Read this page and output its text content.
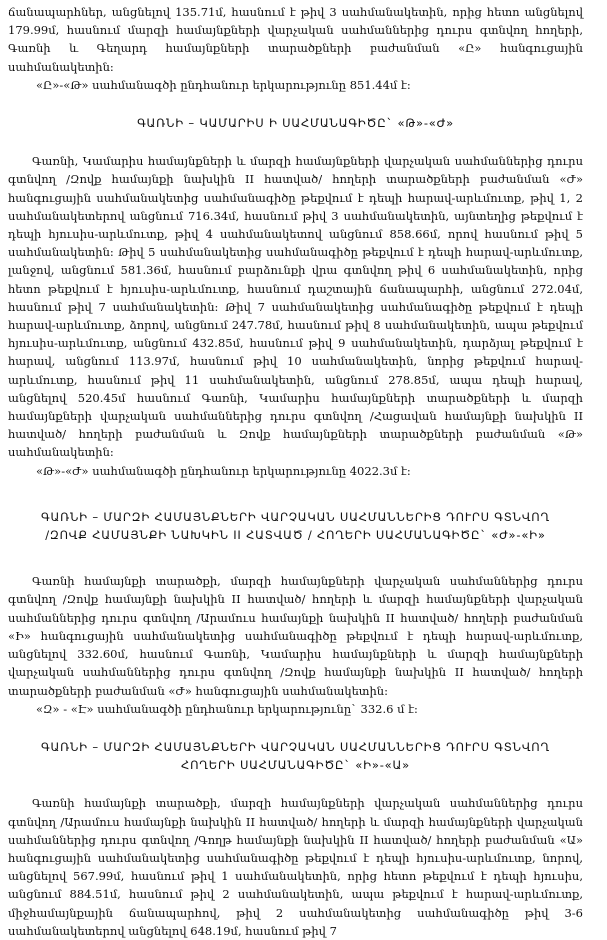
ճանապարհներ, անցնելով 135.71մ, հասնում է թիվ 3 սահմանակետին, որից հետո անցնելով 179.99մ, հասնում մարզի համայնքների վարչական սահմաններից դուրս գտնվող հողերի, Գառնի և Գեղարդ համայնքների տարածքների բաժանման «Ը» հանգուցային սահմանակետին:

«Ը»-«Թ» սահմանագծի ընդհանուր երկարությունը 851.44մ է:

ԳԱՌՆԻ – ԿԱՄԱՐԻՍ Ի ՍԱՀՄԱՆԱԳԻԾԸ` «Թ»-«Ժ»

Գառնի, Կամարիս համայնքների և մարզի համայնքների վարչական սահմաններից դուրս գտնվող /Զովք համայնքի նախկին II հատված/ հողերի տարածքների բաժանման «Ժ» հանգուցային սահմանակետից սահմանագիծը թեքվում է դեպի հարավ-արևմուտք, թիվ 1, 2 սահմանակետերով անցնում 716.34մ, հասնում թիվ 3 սահմանակետին, այնտեղից թեքվում է դեպի հյուսիս-արևմուտք, թիվ 4 սահմանակետով անցնում 858.66մ, որով հասնում թիվ 5 սահմանակետին: Թիվ 5 սահմանակետից սահմանագիծը թեքվում է դեպի հարավ-արևմուտք, լանջով, անցնում 581.36մ, հասնում բարձունքի վրա գտնվող թիվ 6 սահմանակետին, որից հետո թեքվում է հյուսիս-արևմուտք, հասնում դաշտային ճանապարհի, անցնում 272.04մ, հասնում թիվ 7 սահմանակետին: Թիվ 7 սահմանակետից սահմանագիծը թեքվում է դեպի հարավ-արևմուտք, ձորով, անցնում 247.78մ, հասնում թիվ 8 սահմանակետին, ապա թեքվում հյուսիս-արևմուտք, անցնում 432.85մ, հասնում թիվ 9 սահմանակետին, դարձյալ թեքվում է հարավ, անցնում 113.97մ, հասնում թիվ 10 սահմանակետին, նորից թեքվում հարավ-արևմուտք, հասնում թիվ 11 սահմանակետին, անցնում 278.85մ, ապա դեպի հարավ, անցնելով 520.45մ հասնում Գառնի, Կամարիս համայնքների տարածքների և մարզի համայնքների վարչական սահմաններից դուրս գտնվող /Հացավան համայնքի նախկին II հատված/ հողերի բաժանման և Զովք համայնքների տարածքների բաժանման «Թ» սահմանակետին:

«Թ»-«Ժ» սահմանագծի ընդհանուր երկարությունը 4022.3մ է:

ԳԱՌՆԻ – ՄԱՐԶԻ ՀԱՄԱՅՆՔՆԵՐԻ ՎԱՐՉԱԿԱՆ ՍԱՀՄԱՆՆԵՐԻՑ ԴՈՒՐՍ ԳՏՆՎՈՂ
/ԶՈՎՔ ՀԱՄԱՅՆՔԻ ՆԱԽԿԻՆ II ՀԱՏՎԱԾ / ՀՈՂԵՐԻ ՍԱՀՄԱՆԱԳԻԾԸ` «Ժ»-«Ի»

Գառնի համայնքի տարածքի, մարզի համայնքների վարչական սահմաններից դուրս գտնվող /Զովք համայնքի նախկին II հատված/ հողերի և մարզի համայնքների վարչական սահմաններից դուրս գտնվող /Արամուս համայնքի նախկին II հատված/ հողերի բաժանման «Ի» հանգուցային սահմանակետից սահմանագիծը թեքվում է դեպի հարավ-արևմուտք, անցնելով 332.60մ, հասնում Գառնի, Կամարիս համայնքների և մարզի համայնքների վարչական սահմաններից դուրս գտնվող /Զովք համայնքի նախկին II հատված/ հողերի տարածքների բաժանման «Ժ» հանգուցային սահմանակետին:

«Զ» - «Է» սահմանագծի ընդհանուր երկարությունը` 332.6 մ է:

ԳԱՌՆԻ – ՄԱՐԶԻ ՀԱՄԱՅՆՔՆԵՐԻ ՎԱՐՉԱԿԱՆ ՍԱՀՄԱՆՆԵՐԻՑ ԴՈՒՐՍ ԳՏՆՎՈՂ
ՀՈՂԵՐԻ ՍԱՀՄԱՆԱԳԻԾԸ` «Ի»-«Ա»

Գառնի համայնքի տարածքի, մարզի համայնքների վարչական սահմաններից դուրս գտնվող /Արամուս համայնքի նախկին II հատված/ հողերի և մարզի համայնքների վարչական սահմաններից դուրս գտնվող /Գողթ համայնքի նախկին II հատված/ հողերի բաժանման «Ա» հանգուցային սահմանակետից սահմանագիծը թեքվում է դեպի հյուսիս-արևմուտք, նորով, անցնելով 567.99մ, հասնում թիվ 1 սահմանակետին, որից հետո թեքվում է դեպի հյուսիս, անցնում 884.51մ, հասնում թիվ 2 սահմանակետին, ապա թեքվում է հարավ-արևմուտք, միջհամայնքային ճանապարհով, թիվ 2 սահմանակետից սահմանագիծը թիվ 3-6 սահմանակետերով անցնելով 648.19մ, հասնում թիվ 7
